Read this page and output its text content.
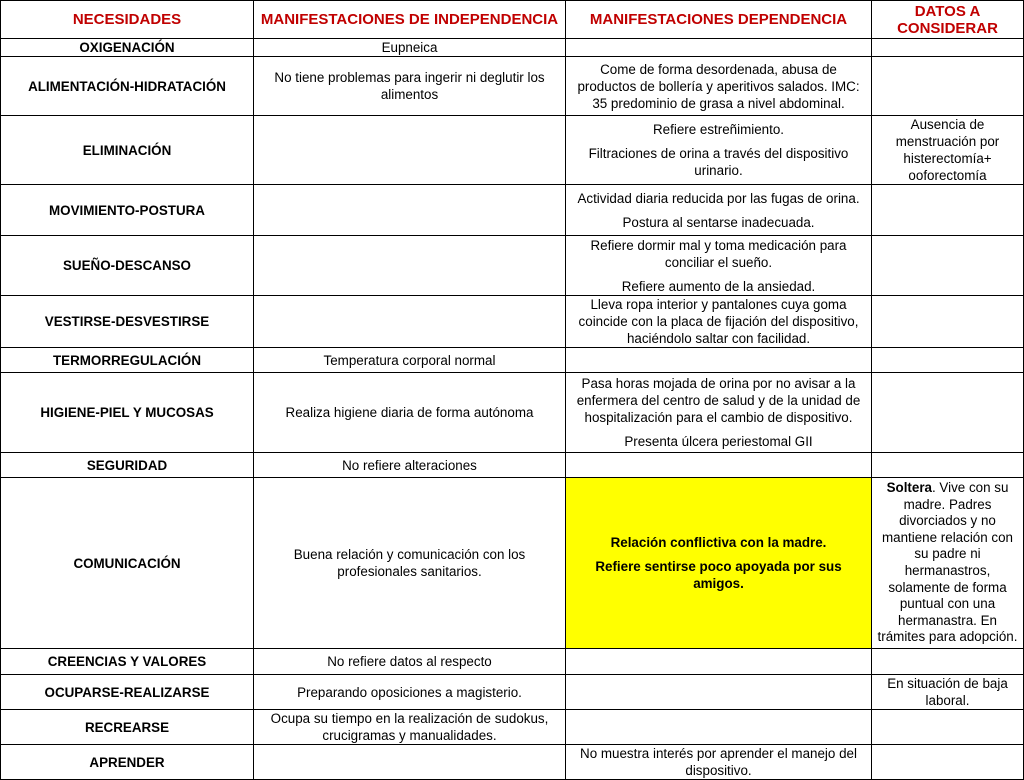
NECESIDADES	MANIFESTACIONES DE INDEPENDENCIA	MANIFESTACIONES DEPENDENCIA	DATOS A CONSIDERAR
OXIGENACIÓN	Eupneica		
ALIMENTACIÓN-HIDRATACIÓN	No tiene problemas para ingerir ni deglutir los alimentos	Come de forma desordenada, abusa de productos de bollería y aperitivos salados. IMC: 35 predominio de grasa a nivel abdominal.	

ELIMINACIÓN		Refiere estreñimiento.

Filtraciones de orina a través del dispositivo urinario.	Ausencia de menstruación por histerectomía+ ooforectomía

MOVIMIENTO-POSTURA		Actividad diaria reducida por las fugas de orina.

Postura al sentarse inadecuada.	

SUEÑO-DESCANSO		Refiere dormir mal y toma medicación para conciliar el sueño.

Refiere aumento de la ansiedad.	

VESTIRSE-DESVESTIRSE		Lleva ropa interior y pantalones cuya goma coincide con la placa de fijación del dispositivo, haciéndolo saltar con facilidad.	

TERMORREGULACIÓN	Temperatura corporal normal		
HIGIENE-PIEL Y MUCOSAS	Realiza higiene diaria de forma autónoma	Pasa horas mojada de orina por no avisar a la enfermera del centro de salud y de la unidad de hospitalización para el cambio de dispositivo.

Presenta úlcera periestomal GII	

SEGURIDAD	No refiere alteraciones		
COMUNICACIÓN	Buena relación y comunicación con los profesionales sanitarios.	Relación conflictiva con la madre.

Refiere sentirse poco apoyada por sus amigos.	Soltera. Vive con su madre. Padres divorciados y no mantiene relación con su padre ni hermanastros, solamente de forma puntual con una hermanastra. En trámites para adopción.
CREENCIAS Y VALORES	No refiere datos al respecto		
OCUPARSE-REALIZARSE	Preparando oposiciones a magisterio.		En situación de baja laboral.

RECREARSE	Ocupa su tiempo en la realización de sudokus, crucigramas y manualidades.		
APRENDER		No muestra interés por aprender el manejo del dispositivo.	
